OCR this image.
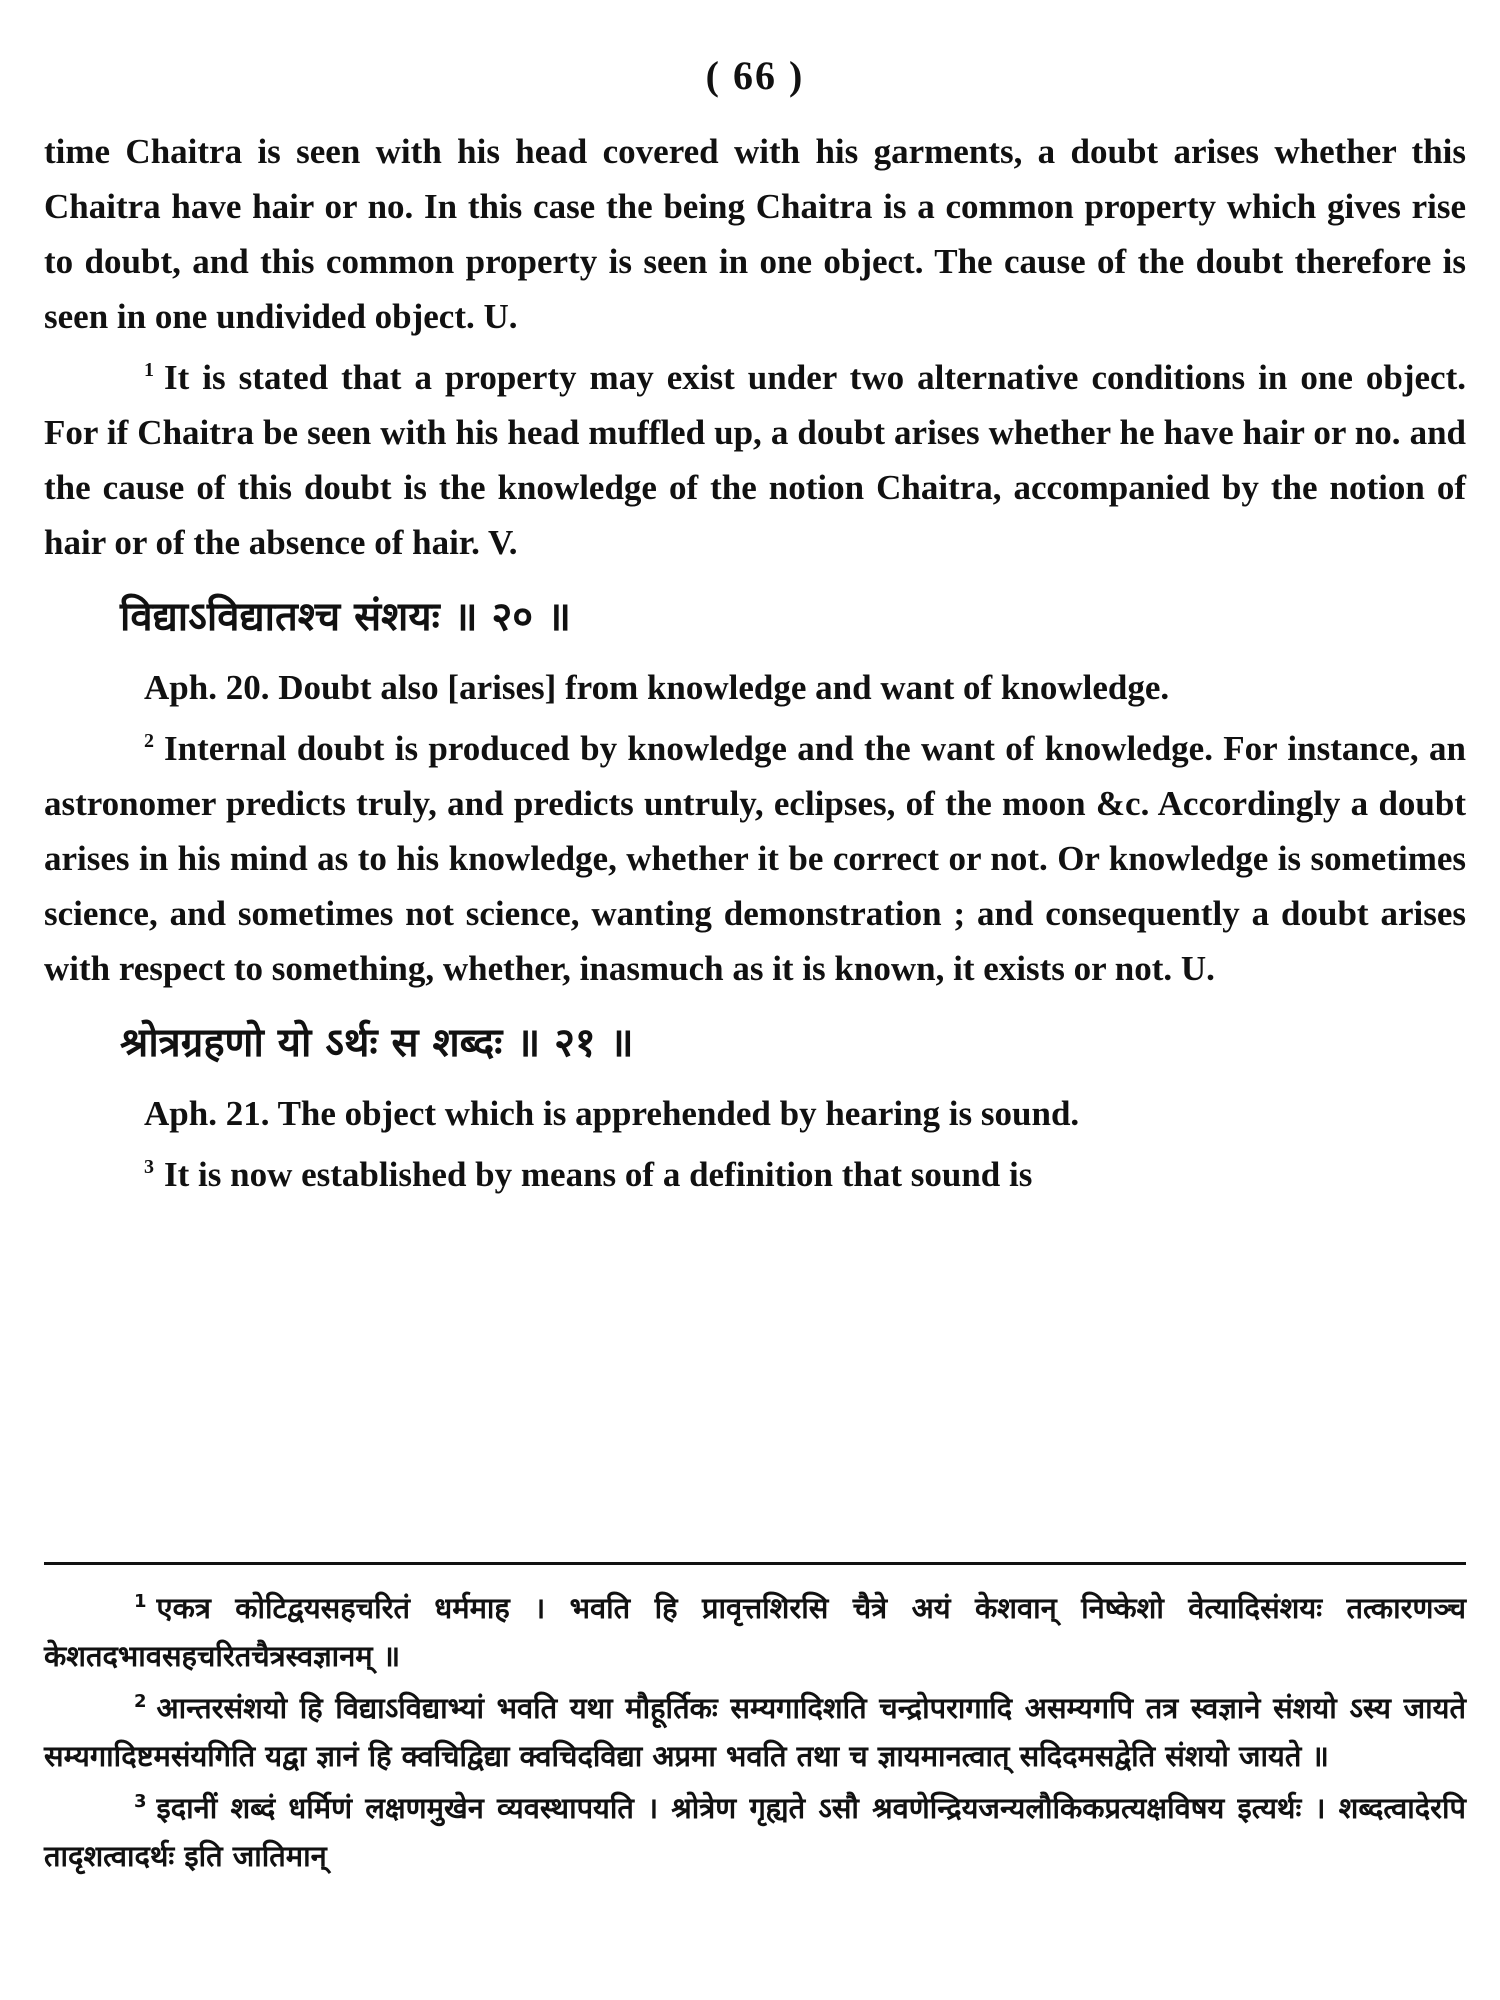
( 66 )

time Chaitra is seen with his head covered with his garments, a doubt arises whether this Chaitra have hair or no. In this case the being Chaitra is a common property which gives rise to doubt, and this common property is seen in one object. The cause of the doubt therefore is seen in one undivided object. U.

$^1$ It is stated that a property may exist under two alternative conditions in one object. For if Chaitra be seen with his head muffled up, a doubt arises whether he have hair or no. and the cause of this doubt is the knowledge of the notion Chaitra, accompanied by the notion of hair or of the absence of hair. V.

विद्याऽविद्यातश्च संशयः ॥ २० ॥

Aph. 20. Doubt also [arises] from knowledge and want of knowledge.

$^2$ Internal doubt is produced by knowledge and the want of knowledge. For instance, an astronomer predicts truly, and predicts untruly, eclipses, of the moon &c. Accordingly a doubt arises in his mind as to his knowledge, whether it be correct or not. Or knowledge is sometimes science, and sometimes not science, wanting demonstration ; and consequently a doubt arises with respect to something, whether, inasmuch as it is known, it exists or not. U.

श्रोत्रग्रहणो यो ऽर्थः स शब्दः ॥ २१ ॥

Aph. 21. The object which is apprehended by hearing is sound.

$^3$ It is now established by means of a definition that sound is

$^1$ एकत्र कोटिद्वयसहचरितं धर्ममाह । भवति हि प्रावृत्तशिरसि चैत्रे अयं केशवान् निष्केशो वेत्यादिसंशयः तत्कारणञ्च केशतदभावसहचरितचैत्रस्वज्ञानम् ॥

$^2$ आन्तरसंशयो हि विद्याऽविद्याभ्यां भवति यथा मौहूर्तिकः सम्यगादिशति चन्द्रोपरागादि असम्यगपि तत्र स्वज्ञाने संशयो ऽस्य जायते सम्यगादिष्टमसंयगिति यद्वा ज्ञानं हि क्वचिद्विद्या क्वचिदविद्या अप्रमा भवति तथा च ज्ञायमानत्वात् सदिदमसद्वेति संशयो जायते ॥

$^3$ इदानीं शब्दं धर्मिणं लक्षणमुखेन व्यवस्थापयति । श्रोत्रेण गृह्यते ऽसौ श्रवणेन्द्रियजन्यलौकिकप्रत्यक्षविषय इत्यर्थः । शब्दत्वादेरपि तादृशत्वादर्थः इति जातिमान्
